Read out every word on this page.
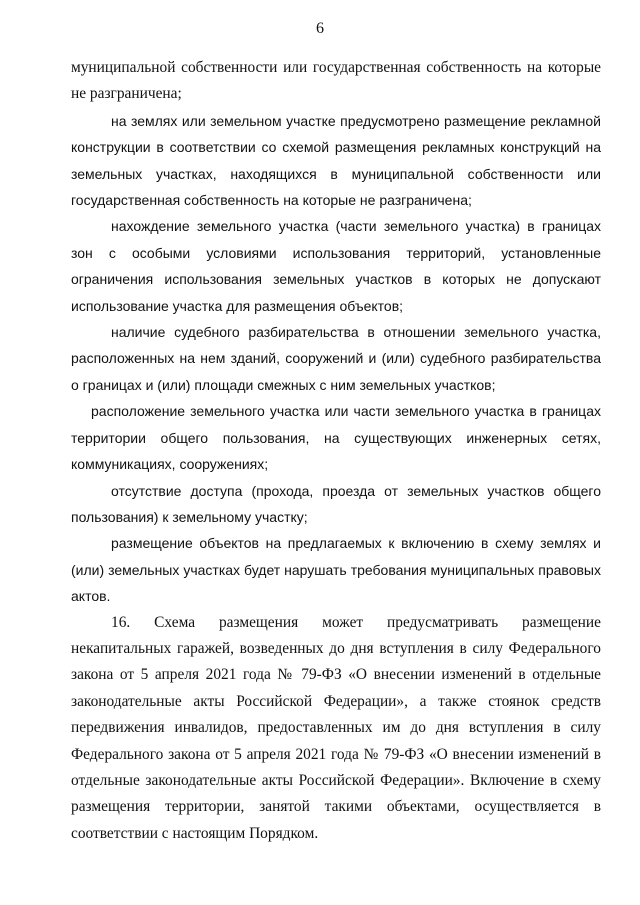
6

муниципальной собственности или государственная собственность на которые не разграничена;

на землях или земельном участке предусмотрено размещение рекламной конструкции в соответствии со схемой размещения рекламных конструкций на земельных участках, находящихся в муниципальной собственности или государственная собственность на которые не разграничена;

нахождение земельного участка (части земельного участка) в границах зон с особыми условиями использования территорий, установленные ограничения использования земельных участков в которых не допускают использование участка для размещения объектов;

наличие судебного разбирательства в отношении земельного участка, расположенных на нем зданий, сооружений и (или) судебного разбирательства о границах и (или) площади смежных с ним земельных участков;

расположение земельного участка или части земельного участка в границах территории общего пользования, на существующих инженерных сетях, коммуникациях, сооружениях;

отсутствие доступа (прохода, проезда от земельных участков общего пользования) к земельному участку;

размещение объектов на предлагаемых к включению в схему землях и (или) земельных участках будет нарушать требования муниципальных правовых актов.

16. Схема размещения может предусматривать размещение некапитальных гаражей, возведенных до дня вступления в силу Федерального закона от 5 апреля 2021 года № 79-ФЗ «О внесении изменений в отдельные законодательные акты Российской Федерации», а также стоянок средств передвижения инвалидов, предоставленных им до дня вступления в силу Федерального закона от 5 апреля 2021 года № 79-ФЗ «О внесении изменений в отдельные законодательные акты Российской Федерации». Включение в схему размещения территории, занятой такими объектами, осуществляется в соответствии с настоящим Порядком.
